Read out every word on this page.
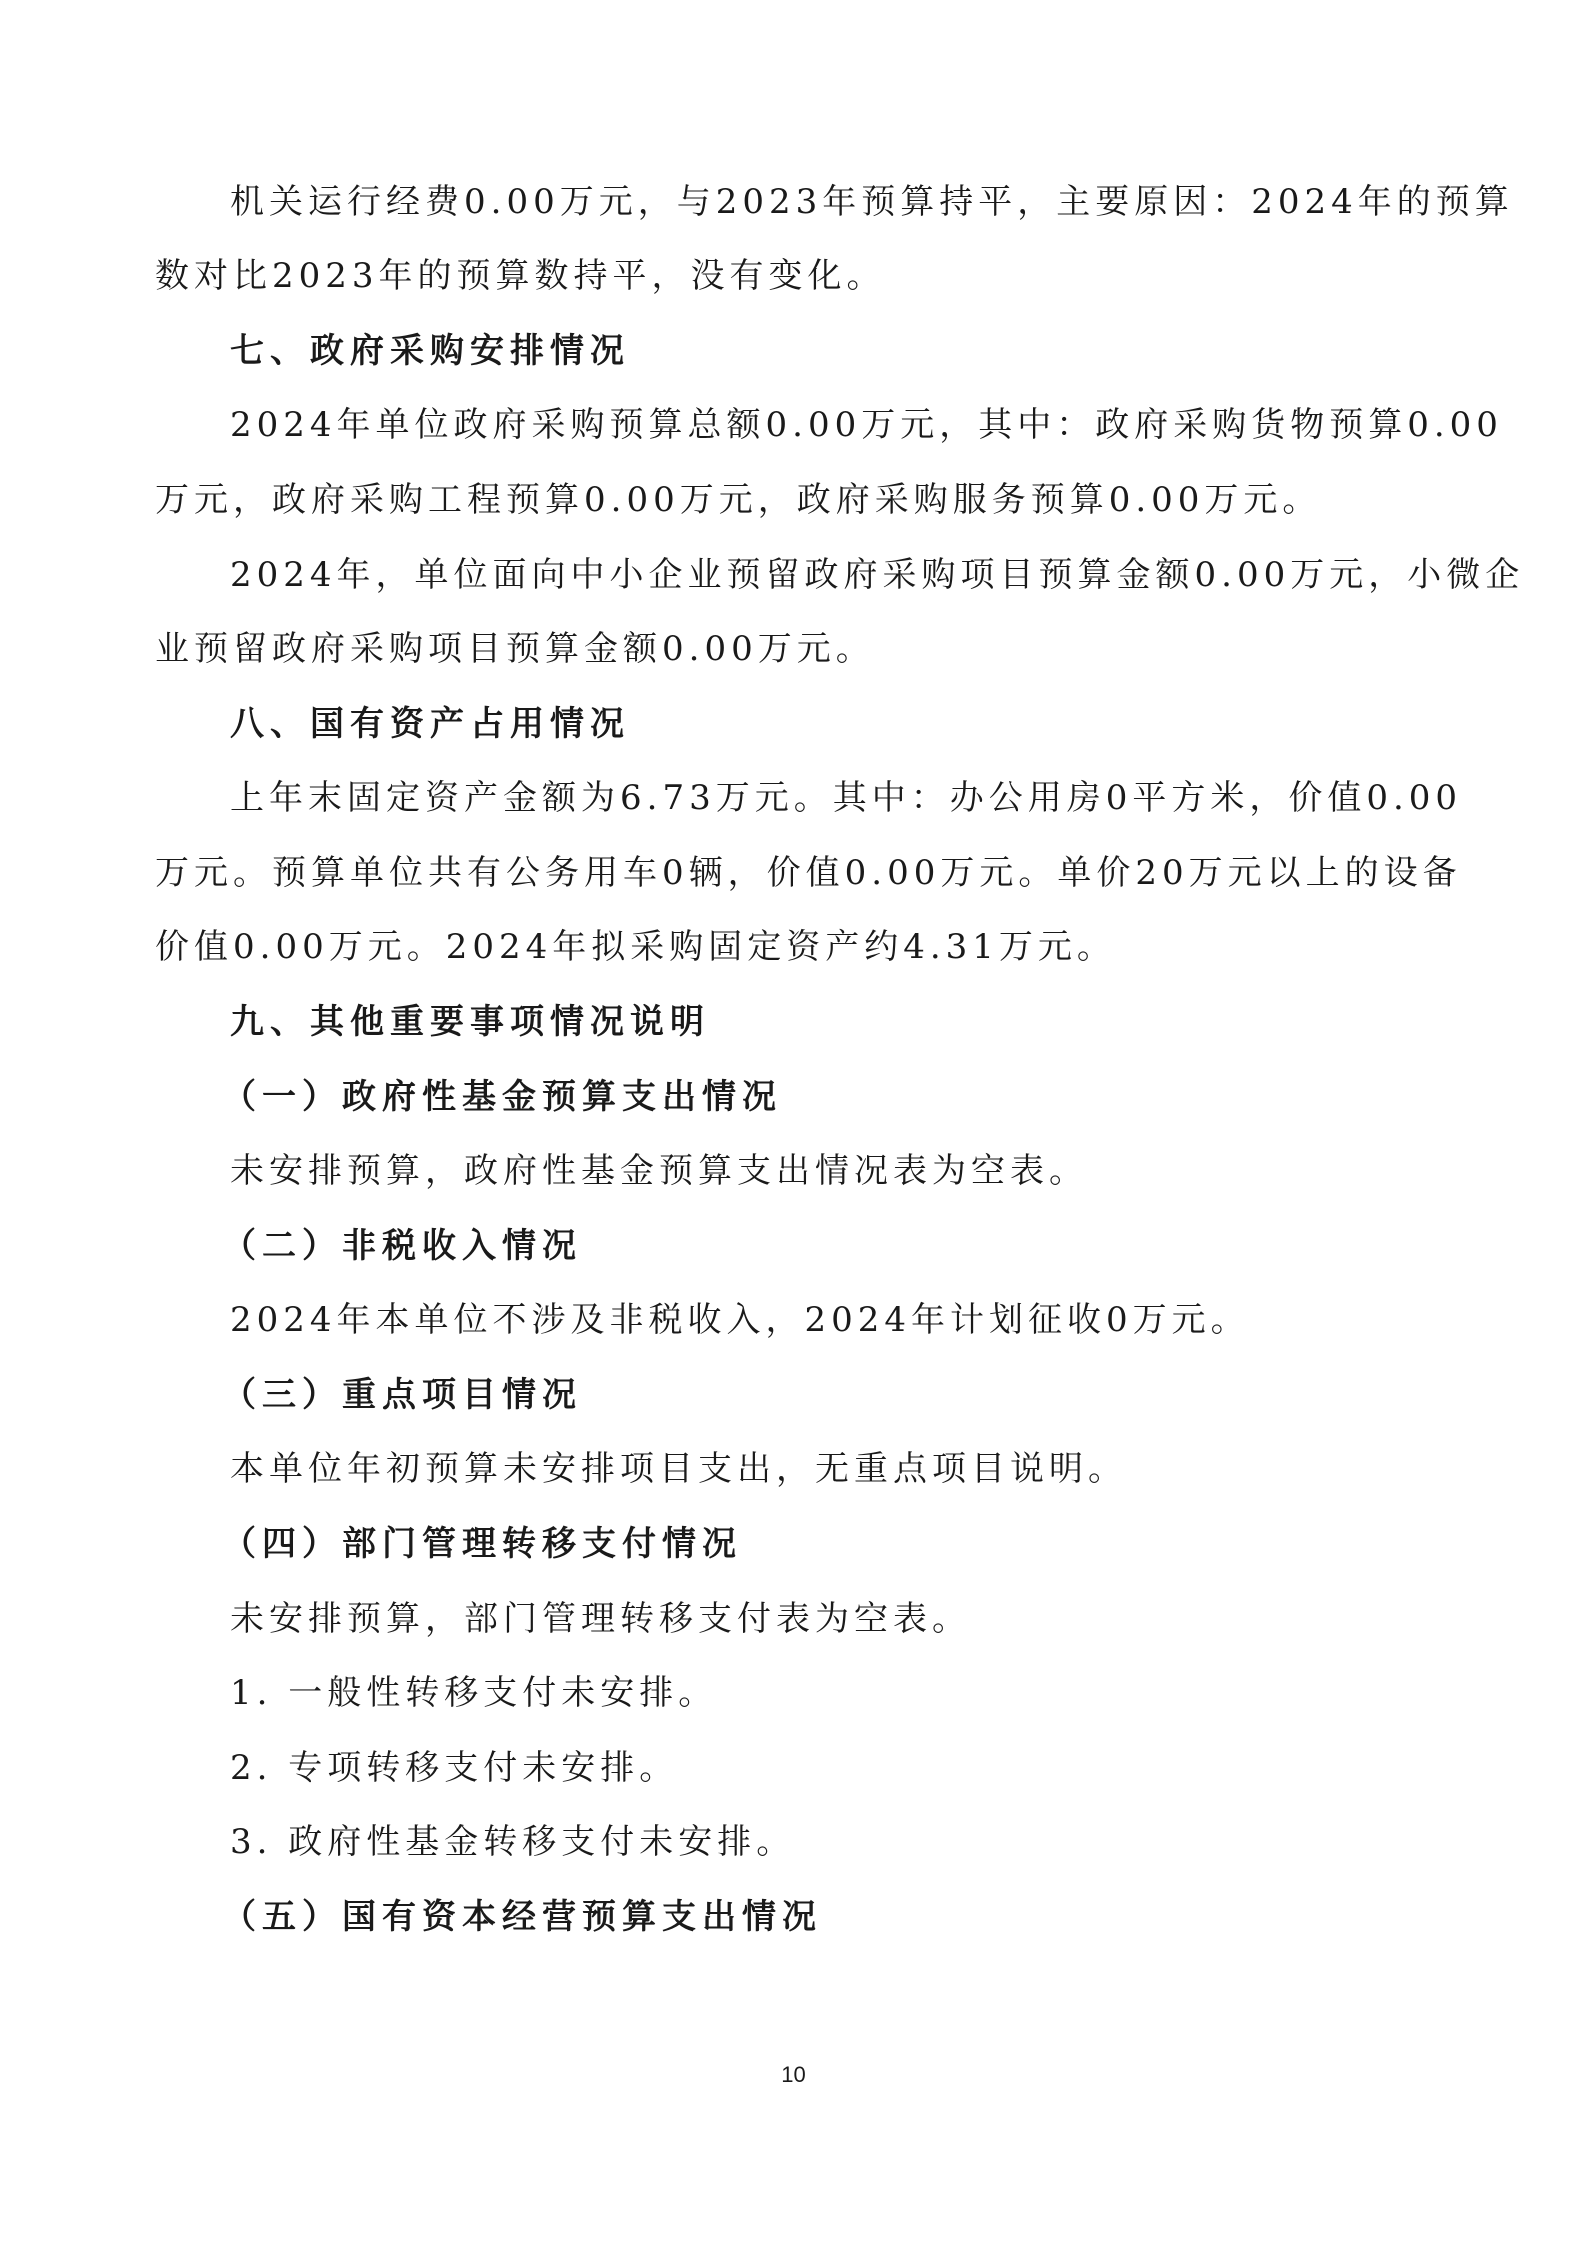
机关运行经费0.00万元，与2023年预算持平，主要原因：2024年的预算
数对比2023年的预算数持平，没有变化。
七、政府采购安排情况
2024年单位政府采购预算总额0.00万元，其中：政府采购货物预算0.00
万元，政府采购工程预算0.00万元，政府采购服务预算0.00万元。
2024年，单位面向中小企业预留政府采购项目预算金额0.00万元，小微企
业预留政府采购项目预算金额0.00万元。
八、国有资产占用情况
上年末固定资产金额为6.73万元。其中：办公用房0平方米，价值0.00
万元。预算单位共有公务用车0辆，价值0.00万元。单价20万元以上的设备
价值0.00万元。2024年拟采购固定资产约4.31万元。
九、其他重要事项情况说明
（一）政府性基金预算支出情况
未安排预算，政府性基金预算支出情况表为空表。
（二）非税收入情况
2024年本单位不涉及非税收入，2024年计划征收0万元。
（三）重点项目情况
本单位年初预算未安排项目支出，无重点项目说明。
（四）部门管理转移支付情况
未安排预算，部门管理转移支付表为空表。
1. 一般性转移支付未安排。
2. 专项转移支付未安排。
3. 政府性基金转移支付未安排。
（五）国有资本经营预算支出情况
10
